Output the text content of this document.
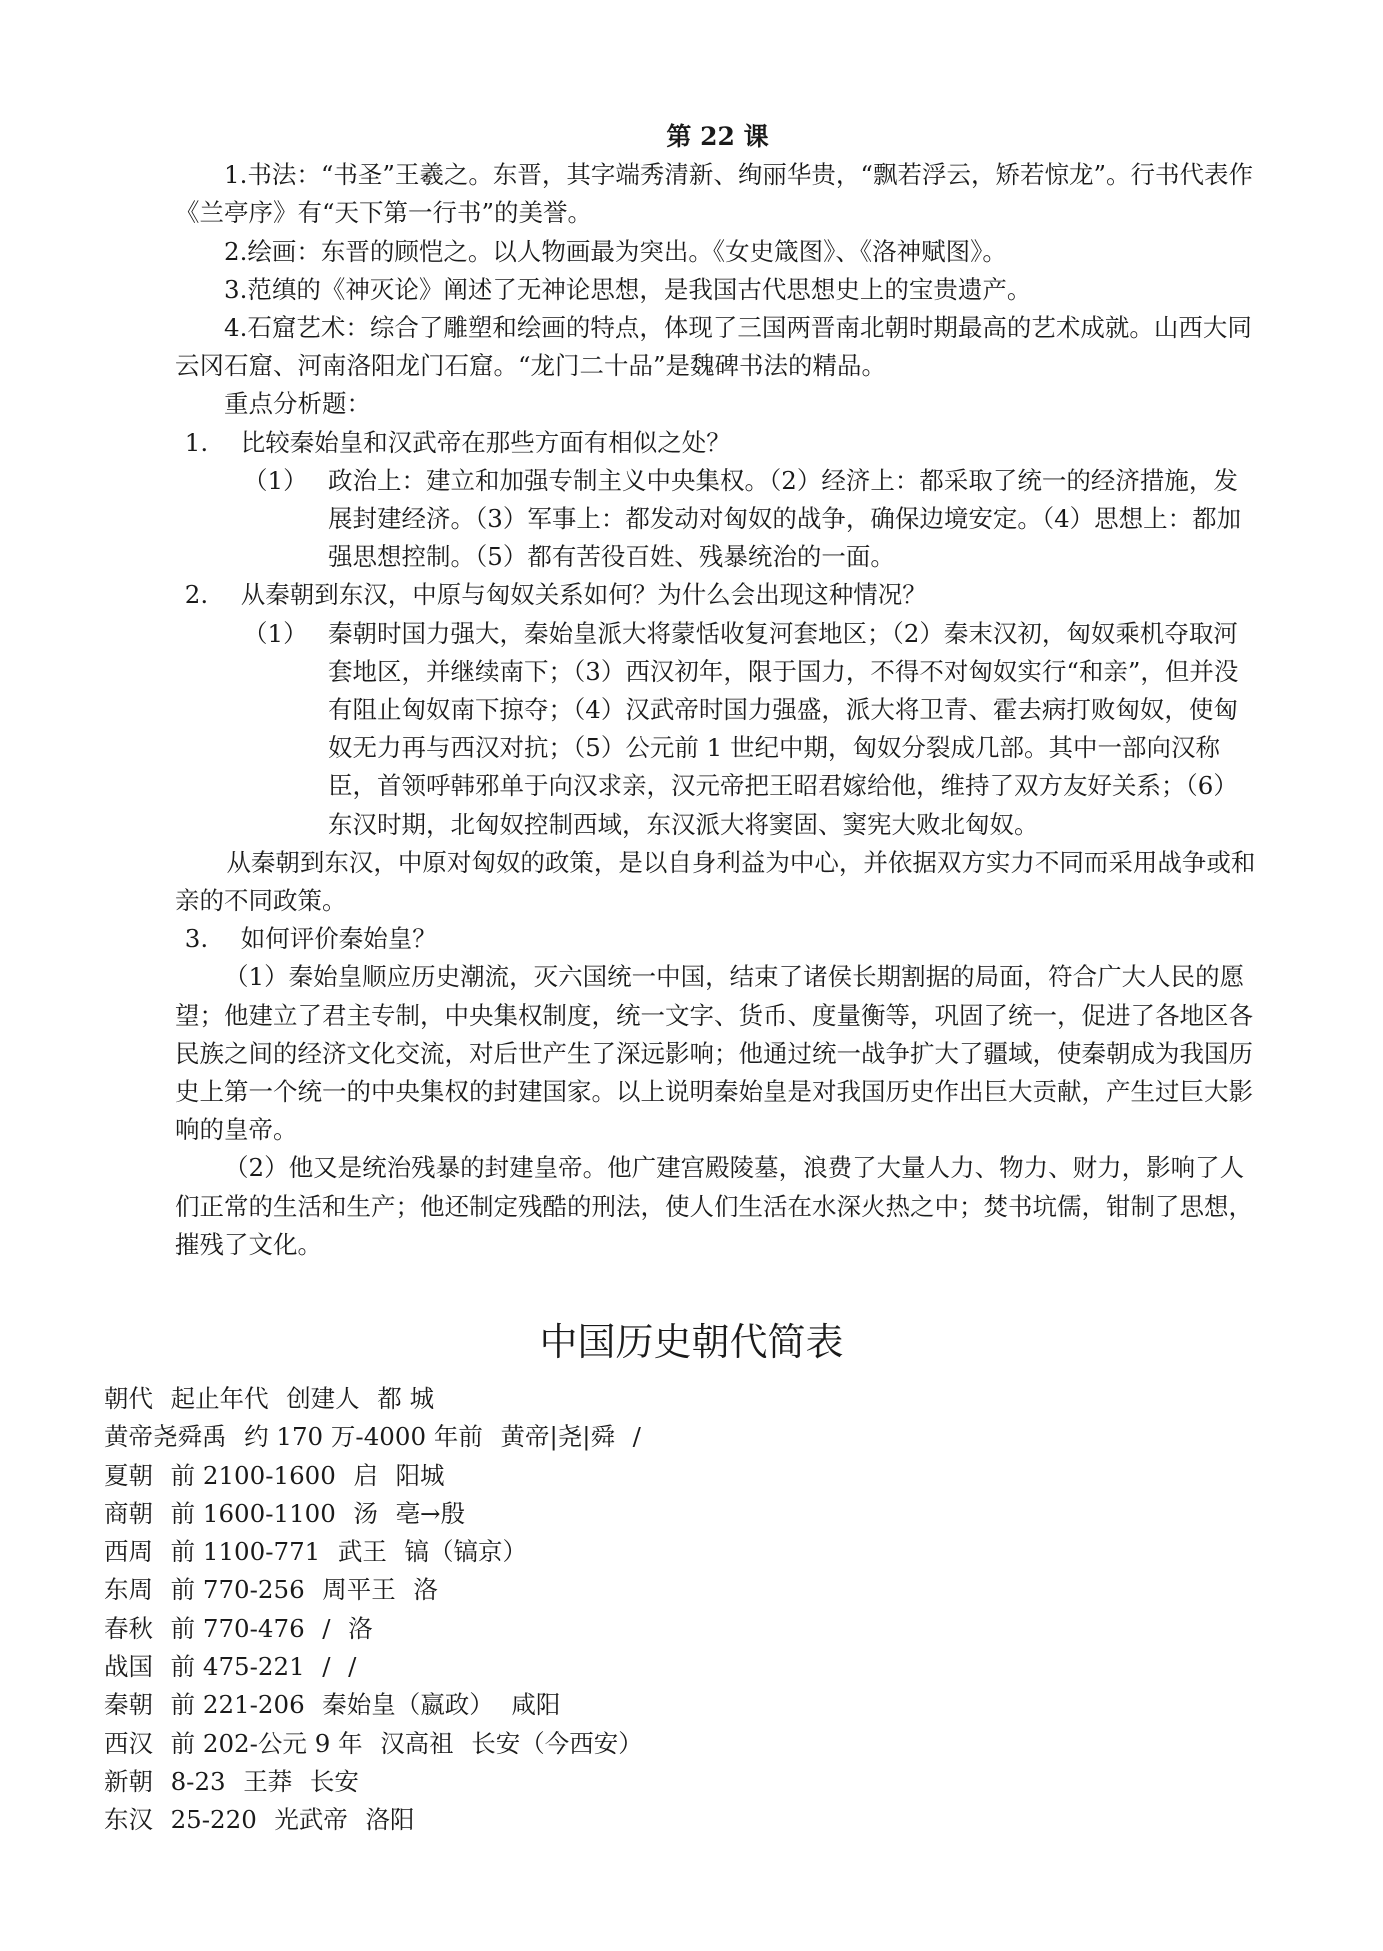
第 22 课

1.书法：“书圣”王羲之。东晋，其字端秀清新、绚丽华贵，“飘若浮云，矫若惊龙”。行书代表作《兰亭序》有“天下第一行书”的美誉。

2.绘画：东晋的顾恺之。以人物画最为突出。《女史箴图》、《洛神赋图》。

3.范缜的《神灭论》阐述了无神论思想，是我国古代思想史上的宝贵遗产。

4.石窟艺术：综合了雕塑和绘画的特点，体现了三国两晋南北朝时期最高的艺术成就。山西大同云冈石窟、河南洛阳龙门石窟。“龙门二十品”是魏碑书法的精品。

重点分析题：

1.	比较秦始皇和汉武帝在那些方面有相似之处？
（1） 政治上：建立和加强专制主义中央集权。（2）经济上：都采取了统一的经济措施，发展封建经济。（3）军事上：都发动对匈奴的战争，确保边境安定。（4）思想上：都加强思想控制。（5）都有苦役百姓、残暴统治的一面。
2.	从秦朝到东汉，中原与匈奴关系如何？为什么会出现这种情况？
（1） 秦朝时国力强大，秦始皇派大将蒙恬收复河套地区；（2）秦末汉初，匈奴乘机夺取河套地区，并继续南下；（3）西汉初年，限于国力，不得不对匈奴实行“和亲”，但并没有阻止匈奴南下掠夺；（4）汉武帝时国力强盛，派大将卫青、霍去病打败匈奴，使匈奴无力再与西汉对抗；（5）公元前 1 世纪中期，匈奴分裂成几部。其中一部向汉称臣，首领呼韩邪单于向汉求亲，汉元帝把王昭君嫁给他，维持了双方友好关系；（6）东汉时期，北匈奴控制西域，东汉派大将窦固、窦宪大败北匈奴。

从秦朝到东汉，中原对匈奴的政策，是以自身利益为中心，并依据双方实力不同而采用战争或和亲的不同政策。

3.	如何评价秦始皇？

（1）秦始皇顺应历史潮流，灭六国统一中国，结束了诸侯长期割据的局面，符合广大人民的愿望；他建立了君主专制，中央集权制度，统一文字、货币、度量衡等，巩固了统一，促进了各地区各民族之间的经济文化交流，对后世产生了深远影响；他通过统一战争扩大了疆域，使秦朝成为我国历史上第一个统一的中央集权的封建国家。以上说明秦始皇是对我国历史作出巨大贡献，产生过巨大影响的皇帝。

（2）他又是统治残暴的封建皇帝。他广建宫殿陵墓，浪费了大量人力、物力、财力，影响了人们正常的生活和生产；他还制定残酷的刑法，使人们生活在水深火热之中；焚书坑儒，钳制了思想，摧残了文化。

中国历史朝代简表
朝代 起止年代 创建人 都 城
黄帝尧舜禹 约 170 万-4000 年前 黄帝|尧|舜 /
夏朝 前 2100-1600 启 阳城
商朝 前 1600-1100 汤 亳→殷
西周 前 1100-771 武王 镐（镐京）
东周 前 770-256 周平王 洛
春秋 前 770-476 / 洛
战国 前 475-221 / /
秦朝 前 221-206 秦始皇（嬴政） 咸阳
西汉 前 202-公元 9 年 汉高祖 长安（今西安）
新朝 8-23 王莽 长安
东汉 25-220 光武帝 洛阳
